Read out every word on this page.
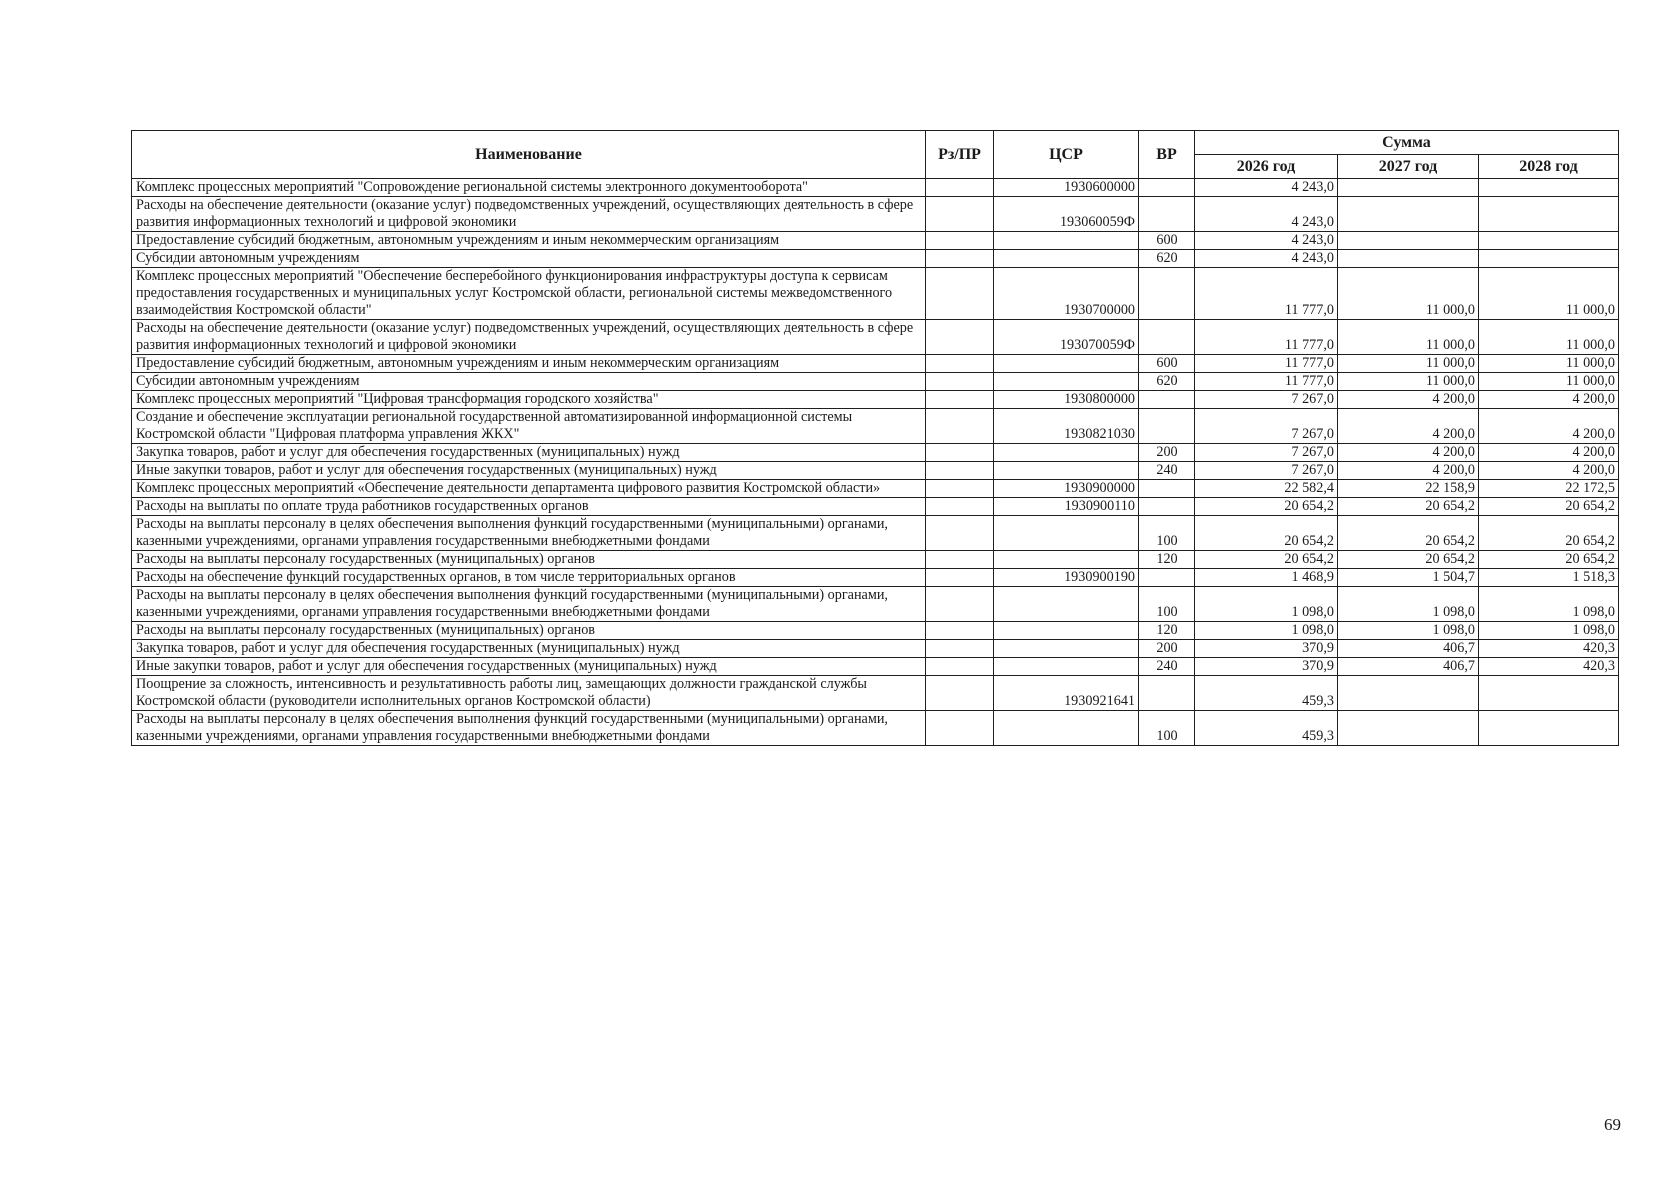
Наименование	Рз/ПР	ЦСР	ВР	Сумма		
				2026 год	2027 год	2028 год
Комплекс процессных мероприятий "Сопровождение региональной системы электронного документооборота"		1930600000		4 243,0		
Расходы на обеспечение деятельности (оказание услуг) подведомственных учреждений, осуществляющих деятельность в сфере развития информационных технологий и цифровой экономики		193060059Ф		4 243,0		
Предоставление субсидий бюджетным, автономным учреждениям и иным некоммерческим организациям			600	4 243,0		
Субсидии автономным учреждениям			620	4 243,0		
Комплекс процессных мероприятий "Обеспечение бесперебойного функционирования инфраструктуры доступа к сервисам предоставления государственных и муниципальных услуг Костромской области, региональной системы межведомственного взаимодействия Костромской области"		1930700000		11 777,0	11 000,0	11 000,0
Расходы на обеспечение деятельности (оказание услуг) подведомственных учреждений, осуществляющих деятельность в сфере развития информационных технологий и цифровой экономики		193070059Ф		11 777,0	11 000,0	11 000,0
Предоставление субсидий бюджетным, автономным учреждениям и иным некоммерческим организациям			600	11 777,0	11 000,0	11 000,0
Субсидии автономным учреждениям			620	11 777,0	11 000,0	11 000,0
Комплекс процессных мероприятий "Цифровая трансформация городского хозяйства"		1930800000		7 267,0	4 200,0	4 200,0
Создание и обеспечение эксплуатации региональной государственной автоматизированной информационной системы Костромской области "Цифровая платформа управления ЖКХ"		1930821030		7 267,0	4 200,0	4 200,0
Закупка товаров, работ и услуг для обеспечения государственных (муниципальных) нужд			200	7 267,0	4 200,0	4 200,0
Иные закупки товаров, работ и услуг для обеспечения государственных (муниципальных) нужд			240	7 267,0	4 200,0	4 200,0
Комплекс процессных мероприятий «Обеспечение деятельности департамента цифрового развития Костромской области»		1930900000		22 582,4	22 158,9	22 172,5
Расходы на выплаты по оплате труда работников государственных органов		1930900110		20 654,2	20 654,2	20 654,2
Расходы на выплаты персоналу в целях обеспечения выполнения функций государственными (муниципальными) органами, казенными учреждениями, органами управления государственными внебюджетными фондами			100	20 654,2	20 654,2	20 654,2
Расходы на выплаты персоналу государственных (муниципальных) органов			120	20 654,2	20 654,2	20 654,2
Расходы на обеспечение функций государственных органов, в том числе территориальных органов		1930900190		1 468,9	1 504,7	1 518,3
Расходы на выплаты персоналу в целях обеспечения выполнения функций государственными (муниципальными) органами, казенными учреждениями, органами управления государственными внебюджетными фондами			100	1 098,0	1 098,0	1 098,0
Расходы на выплаты персоналу государственных (муниципальных) органов			120	1 098,0	1 098,0	1 098,0
Закупка товаров, работ и услуг для обеспечения государственных (муниципальных) нужд			200	370,9	406,7	420,3
Иные закупки товаров, работ и услуг для обеспечения государственных (муниципальных) нужд			240	370,9	406,7	420,3
Поощрение за сложность, интенсивность и результативность работы лиц, замещающих должности гражданской службы Костромской области (руководители исполнительных органов Костромской области)		1930921641		459,3		
Расходы на выплаты персоналу в целях обеспечения выполнения функций государственными (муниципальными) органами, казенными учреждениями, органами управления государственными внебюджетными фондами			100	459,3		
69
